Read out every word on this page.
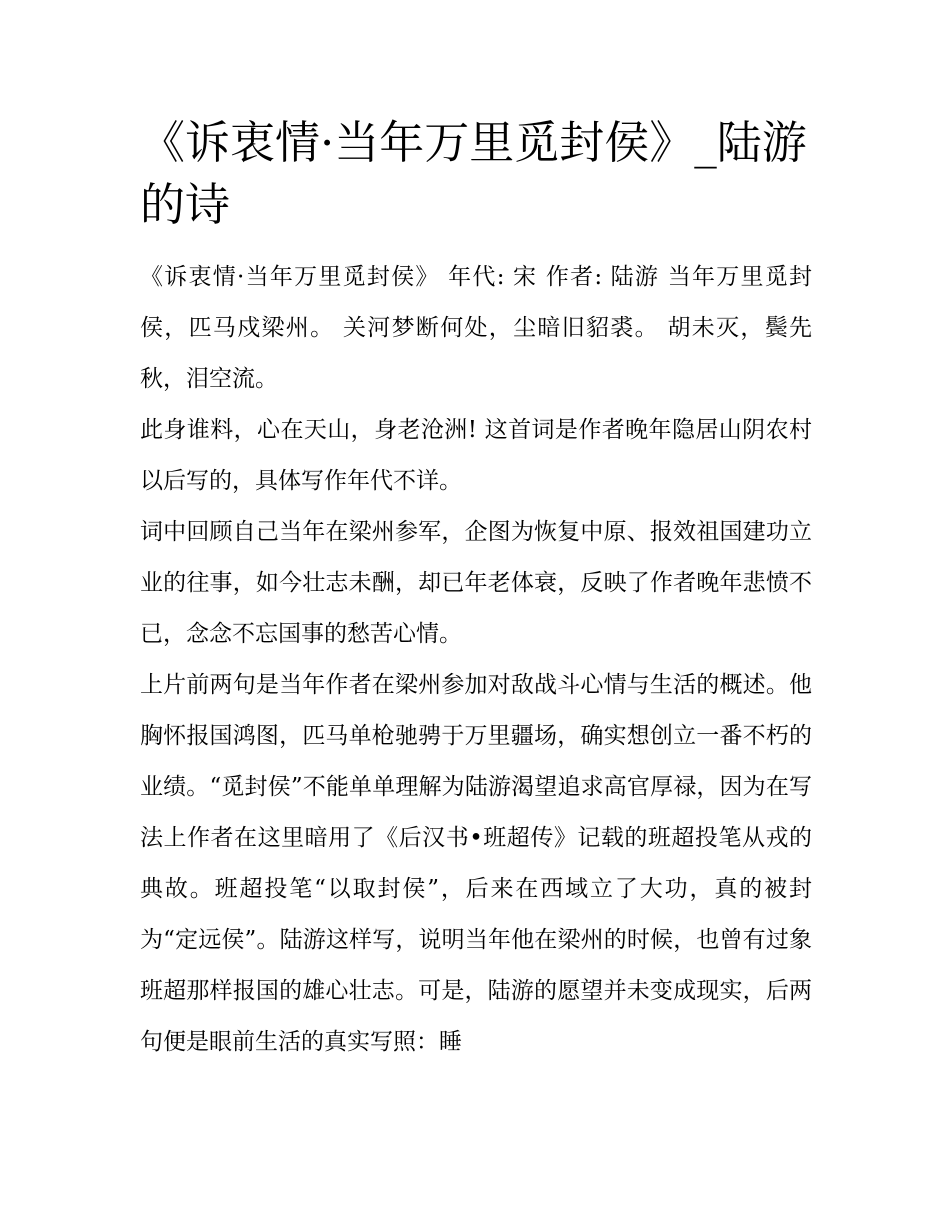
《诉衷情·当年万里觅封侯》_陆游的诗

《诉衷情·当年万里觅封侯》 年代: 宋 作者: 陆游 当年万里觅封侯，匹马戍梁州。 关河梦断何处，尘暗旧貂裘。 胡未灭，鬓先秋，泪空流。

此身谁料，心在天山，身老沧洲! 这首词是作者晚年隐居山阴农村以后写的，具体写作年代不详。

词中回顾自己当年在梁州参军，企图为恢复中原、报效祖国建功立业的往事，如今壮志未酬，却已年老体衰，反映了作者晚年悲愤不已，念念不忘国事的愁苦心情。

上片前两句是当年作者在梁州参加对敌战斗心情与生活的概述。他胸怀报国鸿图，匹马单枪驰骋于万里疆场，确实想创立一番不朽的业绩。“觅封侯”不能单单理解为陆游渴望追求高官厚禄，因为在写法上作者在这里暗用了《后汉书•班超传》记载的班超投笔从戎的典故。班超投笔“以取封侯”，后来在西域立了大功，真的被封为“定远侯”。陆游这样写，说明当年他在梁州的时候，也曾有过象班超那样报国的雄心壮志。可是，陆游的愿望并未变成现实，后两句便是眼前生活的真实写照：睡
